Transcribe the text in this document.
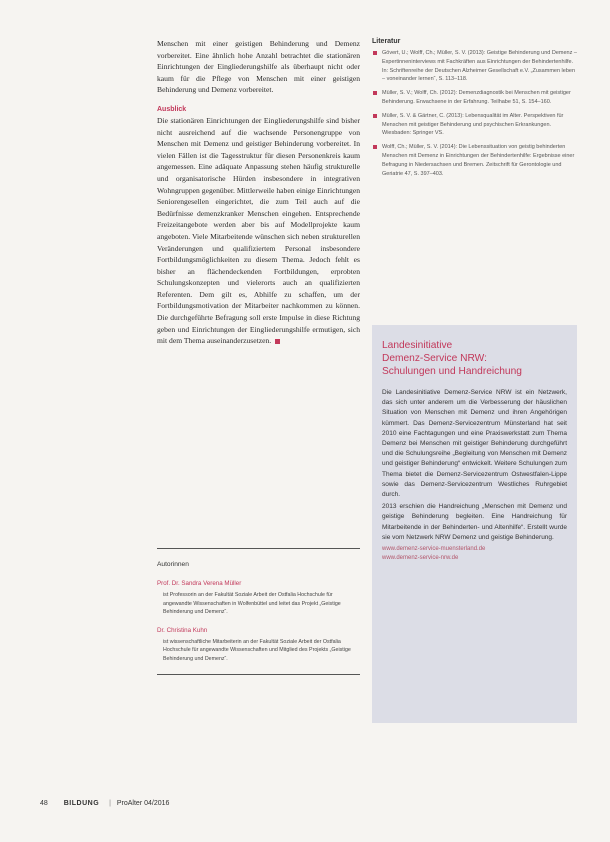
Menschen mit einer geistigen Behinderung und Demenz vorbereitet. Eine ähnlich hohe Anzahl betrachtet die stationären Einrichtungen der Eingliederungshilfe als überhaupt nicht oder kaum für die Pflege von Menschen mit einer geistigen Behinderung und Demenz vorbereitet.

Ausblick

Die stationären Einrichtungen der Eingliederungshilfe sind bisher nicht ausreichend auf die wachsende Personengruppe von Menschen mit Demenz und geistiger Behinderung vorbereitet. In vielen Fällen ist die Tagesstruktur für diesen Personenkreis kaum angemessen. Eine adäquate Anpassung stehen häufig strukturelle und organisatorische Hürden insbesondere in integrativen Wohngruppen gegenüber. Mittlerweile haben einige Einrichtungen Seniorengesellen eingerichtet, die zum Teil auch auf die Bedürfnisse demenzkranker Menschen eingehen. Entsprechende Freizeitangebote werden aber bis auf Modellprojekte kaum angeboten. Viele Mitarbeitende wünschen sich neben strukturellen Veränderungen und qualifiziertem Personal insbesondere Fortbildungsmöglichkeiten zu diesem Thema. Jedoch fehlt es bisher an flächendeckenden Fortbildungen, erprobten Schulungskonzepten und vielerorts auch an qualifizierten Referenten. Dem gilt es, Abhilfe zu schaffen, um der Fortbildungsmotivation der Mitarbeiter nachkommen zu können. Die durchgeführte Befragung soll erste Impulse in diese Richtung geben und Einrichtungen der Eingliederungshilfe ermutigen, sich mit dem Thema auseinanderzusetzen.

Autorinnen
Prof. Dr. Sandra Verena Müller
ist Professorin an der Fakultät Soziale Arbeit der Ostfalia Hochschule für angewandte Wissenschaften in Wolfenbüttel und leitet das Projekt „Geistige Behinderung und Demenz“.
Dr. Christina Kuhn
ist wissenschaftliche Mitarbeiterin an der Fakultät Soziale Arbeit der Ostfalia Hochschule für angewandte Wissenschaften und Mitglied des Projekts „Geistige Behinderung und Demenz“.
Literatur
Gövert, U.; Wolff, Ch.; Müller, S. V. (2013): Geistige Behinderung und Demenz – Expertinneninterviews mit Fachkräften aus Einrichtungen der Behindertenhilfe. In: Schriftenreihe der Deutschen Alzheimer Gesellschaft e.V. „Zusammen leben – voneinander lernen“, S. 113–118.
Müller, S. V.; Wolff, Ch. (2012): Demenzdiagnostik bei Menschen mit geistiger Behinderung. Erwachsene in der Erfahrung. Teilhabe 51, S. 154–160.
Müller, S. V. & Gärtner, C. (2013): Lebensqualität im Alter. Perspektiven für Menschen mit geistiger Behinderung und psychischen Erkrankungen. Wiesbaden: Springer VS.
Wolff, Ch.; Müller, S. V. (2014): Die Lebenssituation von geistig behinderten Menschen mit Demenz in Einrichtungen der Behindertenhilfe: Ergebnisse einer Befragung in Niedersachsen und Bremen. Zeitschrift für Gerontologie und Geriatrie 47, S. 397–403.
Landesinitiative
Demenz-Service NRW:
Schulungen und Handreichung

Die Landesinitiative Demenz-Service NRW ist ein Netzwerk, das sich unter anderem um die Verbesserung der häuslichen Situation von Menschen mit Demenz und ihren Angehörigen kümmert. Das Demenz-Servicezentrum Münsterland hat seit 2010 eine Fachtagungen und eine Praxiswerkstatt zum Thema Demenz bei Menschen mit geistiger Behinderung durchgeführt und die Schulungsreihe „Begleitung von Menschen mit Demenz und geistiger Behinderung“ entwickelt. Weitere Schulungen zum Thema bietet die Demenz-Servicezentrum Ostwestfalen-Lippe sowie das Demenz-Servicezentrum Westliches Ruhrgebiet durch.

2013 erschien die Handreichung „Menschen mit Demenz und geistige Behinderung begleiten. Eine Handreichung für Mitarbeitende in der Behinderten- und Altenhilfe“. Erstellt wurde sie vom Netzwerk NRW Demenz und geistige Behinderung.

www.demenz-service-muensterland.de
www.demenz-service-nrw.de
48 BILDUNG | ProAlter 04/2016
